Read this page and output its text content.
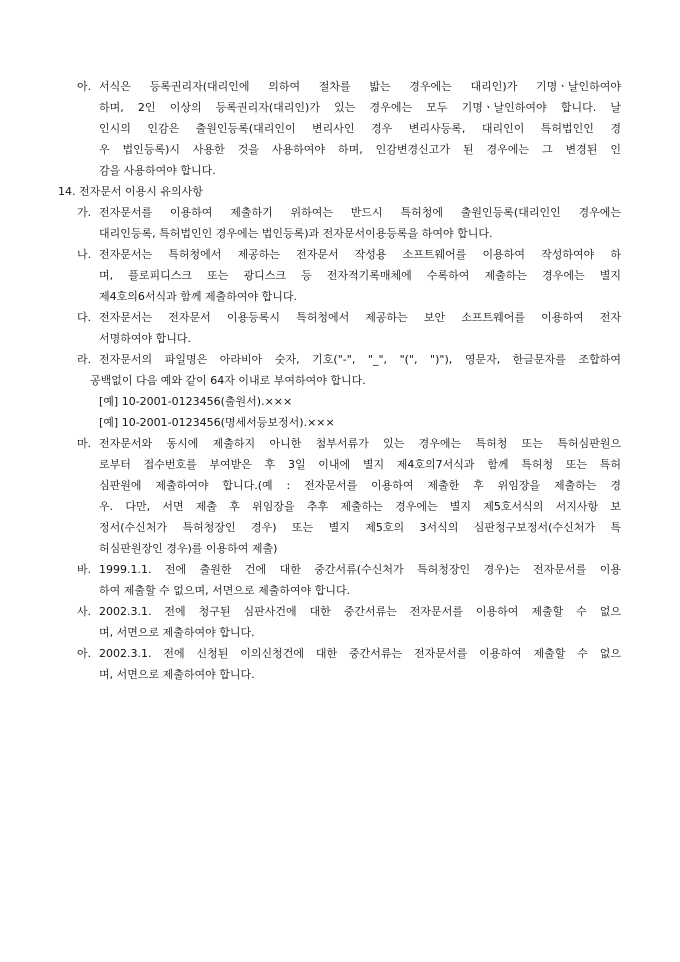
아. 서식은 등록권리자(대리인에 의하여 절차를 밟는 경우에는 대리인)가 기명ㆍ날인하여야
하며, 2인 이상의 등록권리자(대리인)가 있는 경우에는 모두 기명ㆍ날인하여야 합니다. 날
인시의 인감은 출원인등록(대리인이 변리사인 경우 변리사등록, 대리인이 특허법인인 경
우 법인등록)시 사용한 것을 사용하여야 하며, 인감변경신고가 된 경우에는 그 변경된 인
감을 사용하여야 합니다.
14. 전자문서 이용시 유의사항
가. 전자문서를 이용하여 제출하기 위하여는 반드시 특허청에 출원인등록(대리인인 경우에는
대리인등록, 특허법인인 경우에는 법인등록)과 전자문서이용등록을 하여야 합니다.
나. 전자문서는 특허청에서 제공하는 전자문서 작성용 소프트웨어를 이용하여 작성하여야 하
며, 플로피디스크 또는 광디스크 등 전자적기록매체에 수록하여 제출하는 경우에는 별지
제4호의6서식과 함께 제출하여야 합니다.
다. 전자문서는 전자문서 이용등록시 특허청에서 제공하는 보안 소프트웨어를 이용하여 전자
서명하여야 합니다.
라. 전자문서의 파일명은 아라비아 숫자, 기호("-", "_", "(", ")"), 영문자, 한글문자를 조합하여
공백없이 다음 예와 같이 64자 이내로 부여하여야 합니다.
[예] 10-2001-0123456(출원서).×××
[예] 10-2001-0123456(명세서등보정서).×××
마. 전자문서와 동시에 제출하지 아니한 첨부서류가 있는 경우에는 특허청 또는 특허심판원으
로부터 접수번호를 부여받은 후 3일 이내에 별지 제4호의7서식과 함께 특허청 또는 특허
심판원에 제출하여야 합니다.(예 : 전자문서를 이용하여 제출한 후 위임장을 제출하는 경
우. 다만, 서면 제출 후 위임장을 추후 제출하는 경우에는 별지 제5호서식의 서지사항 보
정서(수신처가 특허청장인 경우) 또는 별지 제5호의 3서식의 심판청구보정서(수신처가 특
허심판원장인 경우)를 이용하여 제출)
바. 1999.1.1. 전에 출원한 건에 대한 중간서류(수신처가 특허청장인 경우)는 전자문서를 이용
하여 제출할 수 없으며, 서면으로 제출하여야 합니다.
사. 2002.3.1. 전에 청구된 심판사건에 대한 중간서류는 전자문서를 이용하여 제출할 수 없으
며, 서면으로 제출하여야 합니다.
아. 2002.3.1. 전에 신청된 이의신청건에 대한 중간서류는 전자문서를 이용하여 제출할 수 없으
며, 서면으로 제출하여야 합니다.
